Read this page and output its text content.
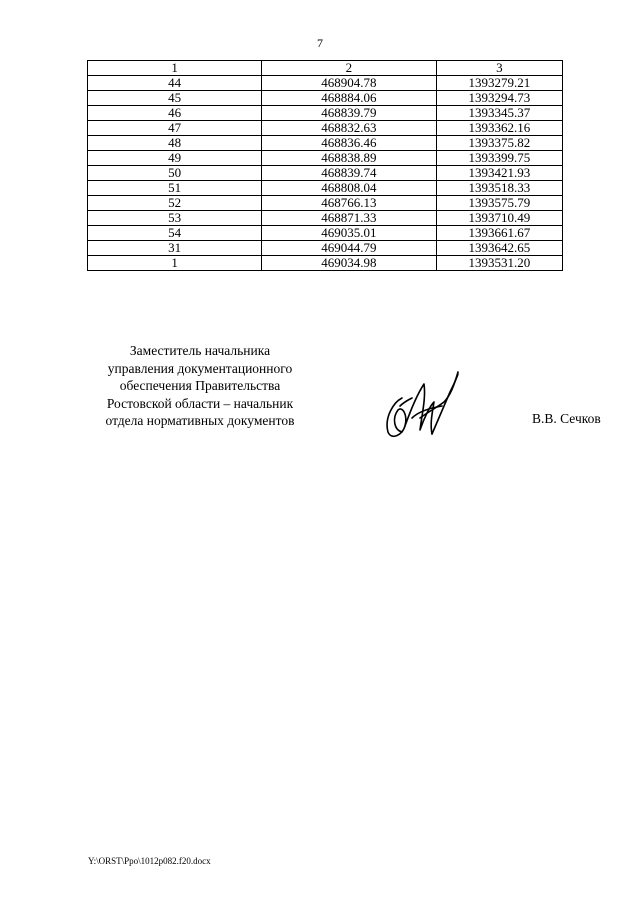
7
1	2	3
44	468904.78	1393279.21
45	468884.06	1393294.73
46	468839.79	1393345.37
47	468832.63	1393362.16
48	468836.46	1393375.82
49	468838.89	1393399.75
50	468839.74	1393421.93
51	468808.04	1393518.33
52	468766.13	1393575.79
53	468871.33	1393710.49
54	469035.01	1393661.67
31	469044.79	1393642.65
1	469034.98	1393531.20
Заместитель начальника
управления документационного
обеспечения Правительства
Ростовской области – начальник
отдела нормативных документов	В.В. Сечков
Y:\ORST\Ppo\1012p082.f20.docx
